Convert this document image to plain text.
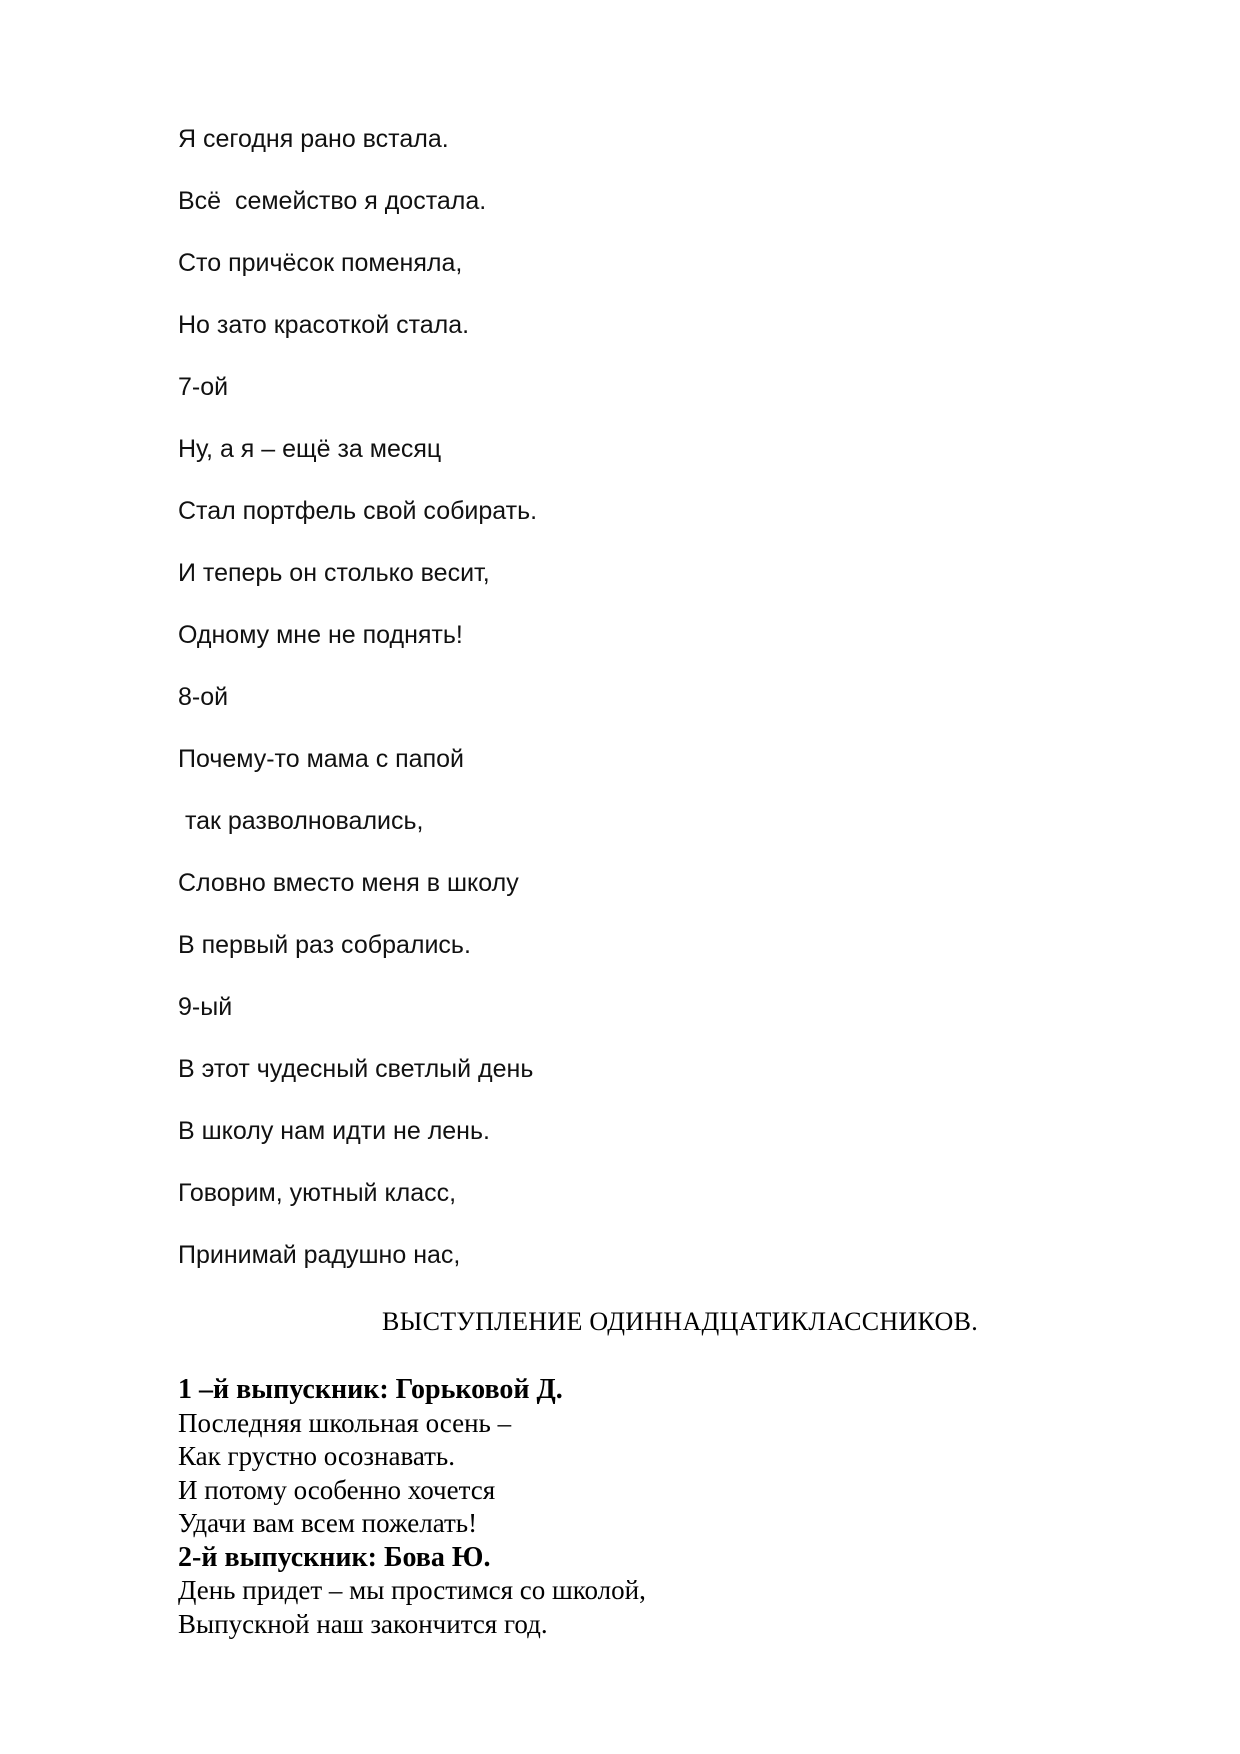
Я сегодня рано встала.
Всё  семейство я достала.
Сто причёсок поменяла,
Но зато красоткой стала.
7-ой
Ну, а я – ещё за месяц
Стал портфель свой собирать.
И теперь он столько весит,
Одному мне не поднять!
8-ой
Почему-то мама с папой
так разволновались,
Словно вместо меня в школу
В первый раз собрались.
9-ый
В этот чудесный светлый день
В школу нам идти не лень.
Говорим, уютный класс,
Принимай радушно нас,
ВЫСТУПЛЕНИЕ ОДИННАДЦАТИКЛАССНИКОВ.
1 –й выпускник: Горьковой Д.
Последняя школьная осень –
Как грустно осознавать.
И потому особенно хочется
Удачи вам всем пожелать!
2-й выпускник: Бова Ю.
День придет – мы простимся со школой,
Выпускной наш закончится год.
